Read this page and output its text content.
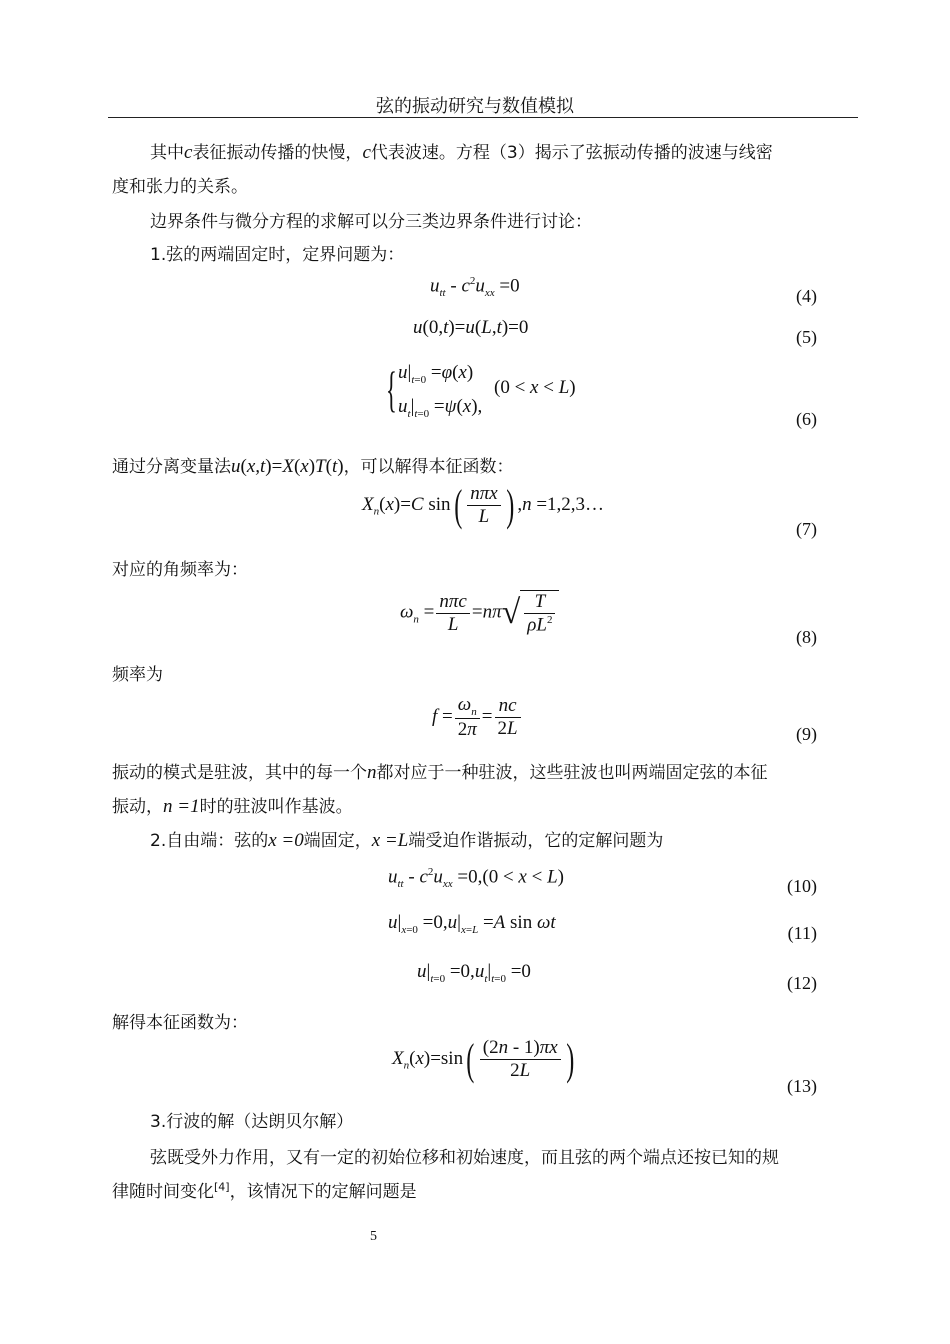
弦的振动研究与数值模拟
其中c表征振动传播的快慢，c代表波速。方程（3）揭示了弦振动传播的波速与线密
度和张力的关系。
边界条件与微分方程的求解可以分三类边界条件进行讨论：
1.弦的两端固定时，定界问题为：
$u_{tt} - c^2u_{xx} =0$	(4)
u(0,t)=u(L,t)=0	(5)
{ $u|_{t=0} =\varphi(x)$
$u_t|_{t=0} =\psi(x)$,
(0 < x < L)
(6)
通过分离变量法u(x,t)=X(x)T(t)，可以解得本征函数：
$X_n(x)=C$ $\sin( \frac{\text{nπx}}{L}$ ) ,n =1,2,3…
(7)
对应的角频率为：
$\omega_n = \frac{\text{nπc}}{L} =n\pi√ \frac{T}{\rho L^2}$
(8)
频率为
$f = \frac{\omega_n}{2\pi} = \frac{nc}{2L}$	(9)
振动的模式是驻波，其中的每一个n都对应于一种驻波，这些驻波也叫两端固定弦的本征
振动，n =1时的驻波叫作基波。
2.自由端：弦的x =0端固定，x =L端受迫作谐振动，它的定解问题为
$u_{tt} - c^2u_{xx} =0,(0 < x < L)$	(10)
$u|_{x=0} =0,u|_{x=L} =A$ sin ωt	(11)
$u|_{t=0} =0,u_t|_{t=0} =0$
(12)
解得本征函数为：
$X_n(x)=\sin( \frac{(2n - 1)\pi x}{2L}$ )
(13)
3.行波的解（达朗贝尔解）
弦既受外力作用，又有一定的初始位移和初始速度，而且弦的两个端点还按已知的规
律随时间变化[4]，该情况下的定解问题是
5
